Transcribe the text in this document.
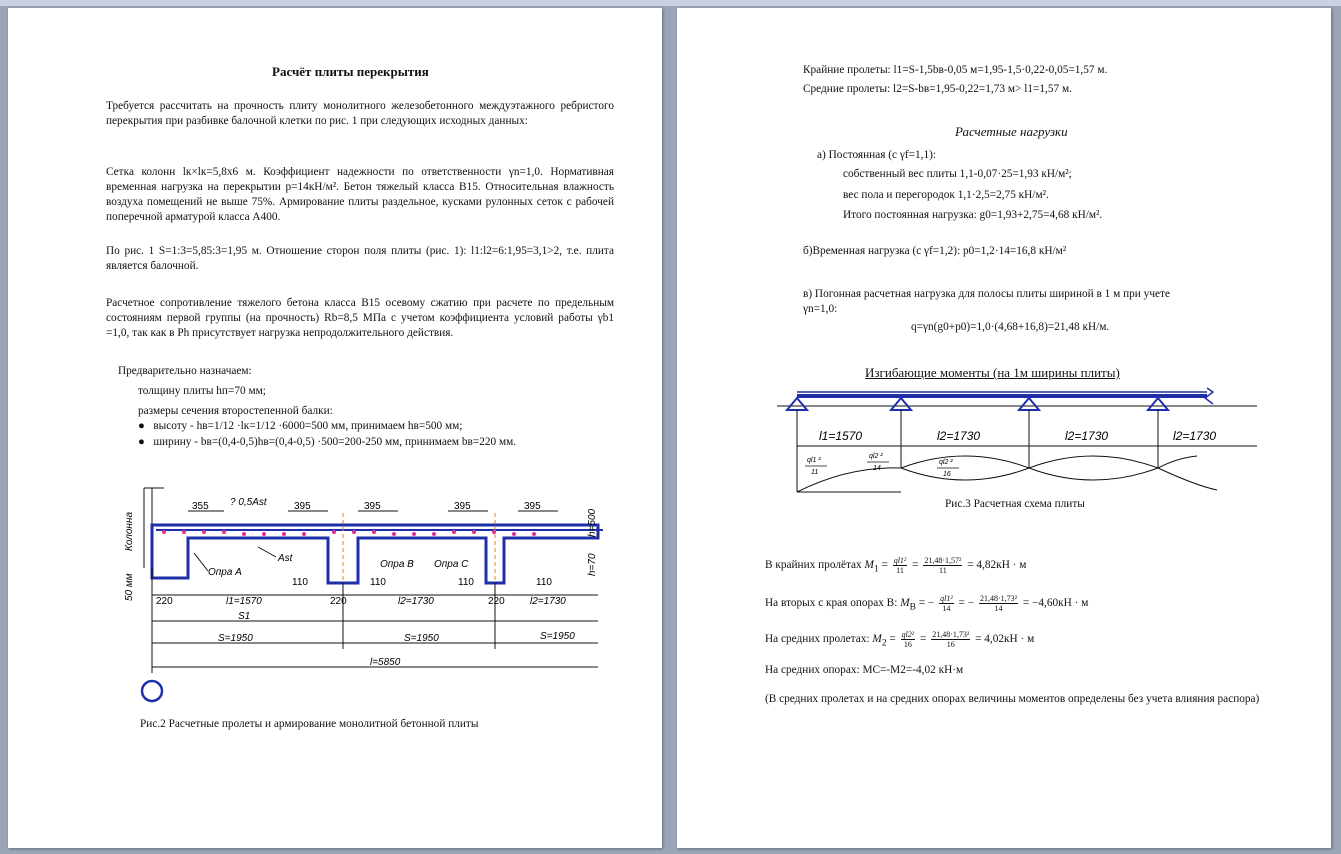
Расчёт плиты перекрытия
Требуется рассчитать на прочность плиту монолитного железобетонного междуэтажного ребристого перекрытия при разбивке балочной клетки по рис. 1 при следующих исходных данных:
Сетка колонн lк×lк=5,8х6 м. Коэффициент надежности по ответственности γn=1,0. Нормативная временная нагрузка на перекрытии p=14кН/м². Бетон тяжелый класса В15. Относительная влажность воздуха помещений не выше 75%. Армирование плиты раздельное, кусками рулонных сеток с рабочей поперечной арматурой класса А400.
По рис. 1 S=1:3=5,85:3=1,95 м. Отношение сторон поля плиты (рис. 1): l1:l2=6:1,95=3,1>2, т.е. плита является балочной.
Расчетное сопротивление тяжелого бетона класса В15 осевому сжатию при расчете по предельным состояниям первой группы (на прочность) Rb=8,5 МПа с учетом коэффициента условий работы γb1 =1,0, так как в Рh присутствует нагрузка непродолжительного действия.
Предварительно назначаем:
толщину плиты hп=70 мм;
размеры сечения второстепенной балки:
● высоту - hв=1/12 ·lк=1/12 ·6000=500 мм, принимаем hв=500 мм;
● ширину - bв=(0,4-0,5)hв=(0,4-0,5) ·500=200-250 мм, принимаем bв=220 мм.
Колонна
355 ? 0,5Ast	395	395	395	395
Ast
Опра A
Опра B Опра C
110	110	110	110
h=70
h=500
50 мм
220	220	220
l1=1570	l2=1730	l2=1730
S1
S=1950	S=1950	S=1950
l=5850
Рис.2 Расчетные пролеты и армирование монолитной бетонной плиты
Крайние пролеты: l1=S-1,5bв-0,05 м=1,95-1,5·0,22-0,05=1,57 м.
Средние пролеты: l2=S-bв=1,95-0,22=1,73 м> l1=1,57 м.
Расчетные нагрузки
а) Постоянная (с γf=1,1):
собственный вес плиты 1,1-0,07·25=1,93 кН/м²;
вес пола и перегородок 1,1·2,5=2,75 кН/м².
Итого постоянная нагрузка: g0=1,93+2,75=4,68 кН/м².
б)Временная нагрузка (с γf=1,2): p0=1,2·14=16,8 кН/м²
в) Погонная расчетная нагрузка для полосы плиты шириной в 1 м при учете
γn=1,0:
q=γn(g0+p0)=1,0·(4,68+16,8)=21,48 кН/м.
Изгибающие моменты (на 1м ширины плиты)
l1=1570	l2=1730	l2=1730	l2=1730
ql1 ²
11
ql2 ²
14
ql2 ²
16
Рис.3 Расчетная схема плиты
В крайних пролётах $M_1 = \frac{\text{ql1²}}{11} = \frac{\text{21,48·1,57²}}{11} = 4,82кН \cdot м$
На вторых с края опорах В: $M_B$ = − $\frac{\text{ql1²}}{14}$ = − $\frac{\text{21,48·1,73²}}{14} = -4,60кН \cdot м$
На средних пролетах: $M_2 = \frac{\text{ql2²}}{16} = \frac{\text{21,48·1,73²}}{16} = 4,02кН \cdot м$
На средних опорах: MC=-M2=-4,02 кН·м
(В средних пролетах и на средних опорах величины моментов определены без учета влияния распора)
